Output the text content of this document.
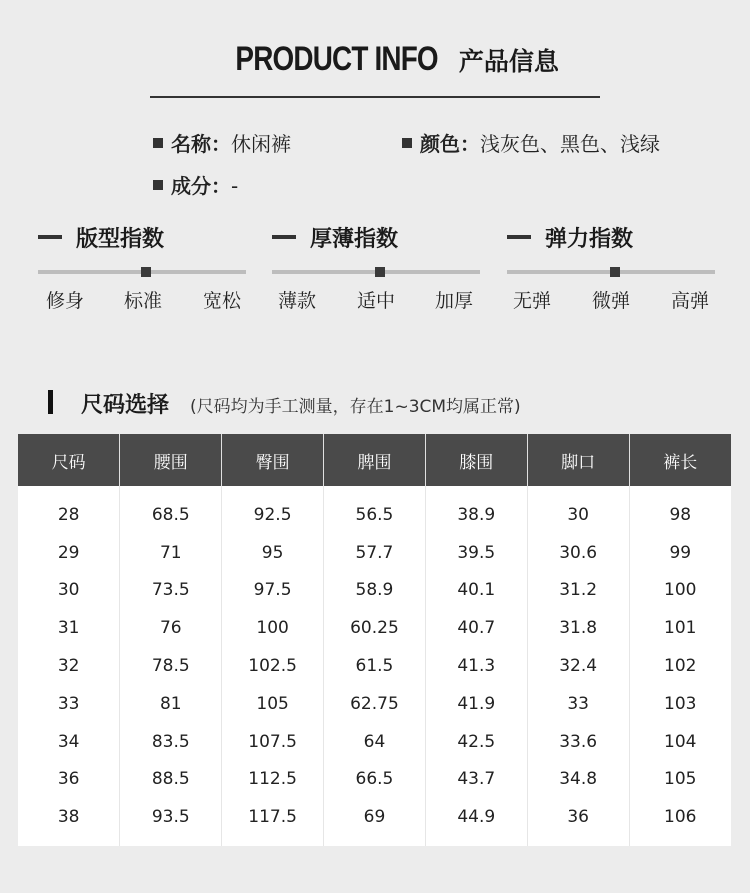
PRODUCT INFO 产品信息
名称：休闲裤	颜色：浅灰色、黑色、浅绿
成分：-
版型指数
修身 标准 宽松
厚薄指数
薄款 适中 加厚
弹力指数
无弹 微弹 高弹
尺码选择 (尺码均为手工测量，存在1~3CM均属正常)
尺码	腰围	臀围	脾围	膝围	脚口	裤长
28	68.5	92.5	56.5	38.9	30	98
29	71	95	57.7	39.5	30.6	99
30	73.5	97.5	58.9	40.1	31.2	100
31	76	100	60.25	40.7	31.8	101
32	78.5	102.5	61.5	41.3	32.4	102
33	81	105	62.75	41.9	33	103
34	83.5	107.5	64	42.5	33.6	104
36	88.5	112.5	66.5	43.7	34.8	105
38	93.5	117.5	69	44.9	36	106
